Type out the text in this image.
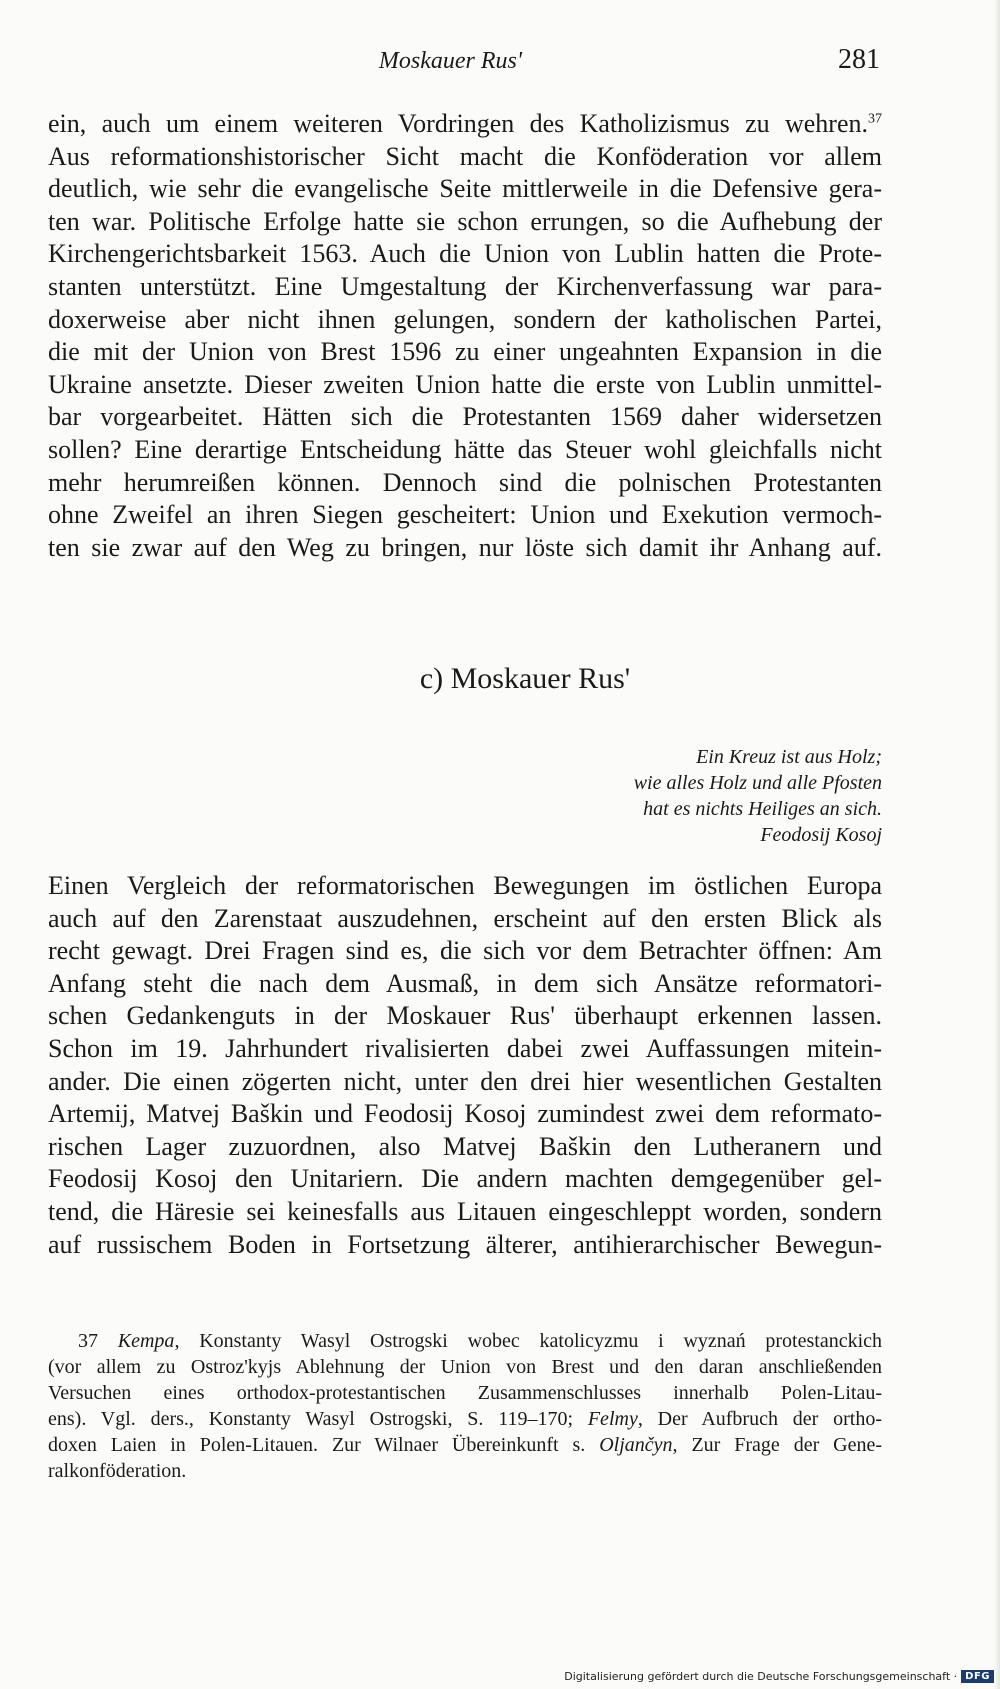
Moskauer Rus'	281
ein, auch um einem weiteren Vordringen des Katholizismus zu wehren.$^{37}$
Aus reformationshistorischer Sicht macht die Konföderation vor allem
deutlich, wie sehr die evangelische Seite mittlerweile in die Defensive gera-
ten war. Politische Erfolge hatte sie schon errungen, so die Aufhebung der
Kirchengerichtsbarkeit 1563. Auch die Union von Lublin hatten die Prote-
stanten unterstützt. Eine Umgestaltung der Kirchenverfassung war para-
doxerweise aber nicht ihnen gelungen, sondern der katholischen Partei,
die mit der Union von Brest 1596 zu einer ungeahnten Expansion in die
Ukraine ansetzte. Dieser zweiten Union hatte die erste von Lublin unmittel-
bar vorgearbeitet. Hätten sich die Protestanten 1569 daher widersetzen
sollen? Eine derartige Entscheidung hätte das Steuer wohl gleichfalls nicht
mehr herumreißen können. Dennoch sind die polnischen Protestanten
ohne Zweifel an ihren Siegen gescheitert: Union und Exekution vermoch-
ten sie zwar auf den Weg zu bringen, nur löste sich damit ihr Anhang auf.
c) Moskauer Rus'
Ein Kreuz ist aus Holz;
wie alles Holz und alle Pfosten
hat es nichts Heiliges an sich.
Feodosij Kosoj
Einen Vergleich der reformatorischen Bewegungen im östlichen Europa
auch auf den Zarenstaat auszudehnen, erscheint auf den ersten Blick als
recht gewagt. Drei Fragen sind es, die sich vor dem Betrachter öffnen: Am
Anfang steht die nach dem Ausmaß, in dem sich Ansätze reformatori-
schen Gedankenguts in der Moskauer Rus' überhaupt erkennen lassen.
Schon im 19. Jahrhundert rivalisierten dabei zwei Auffassungen mitein-
ander. Die einen zögerten nicht, unter den drei hier wesentlichen Gestalten
Artemij, Matvej Baškin und Feodosij Kosoj zumindest zwei dem reformato-
rischen Lager zuzuordnen, also Matvej Baškin den Lutheranern und
Feodosij Kosoj den Unitariern. Die andern machten demgegenüber gel-
tend, die Häresie sei keinesfalls aus Litauen eingeschleppt worden, sondern
auf russischem Boden in Fortsetzung älterer, antihierarchischer Bewegun-
37 Kempa, Konstanty Wasyl Ostrogski wobec katolicyzmu i wyznań protestanckich
(vor allem zu Ostroz'kyjs Ablehnung der Union von Brest und den daran anschließenden
Versuchen eines orthodox-protestantischen Zusammenschlusses innerhalb Polen-Litau-
ens). Vgl. ders., Konstanty Wasyl Ostrogski, S. 119–170; Felmy, Der Aufbruch der ortho-
doxen Laien in Polen-Litauen. Zur Wilnaer Übereinkunft s. Oljančyn, Zur Frage der Gene-
ralkonföderation.
Digitalisierung gefördert durch die Deutsche Forschungsgemeinschaft · DFG
